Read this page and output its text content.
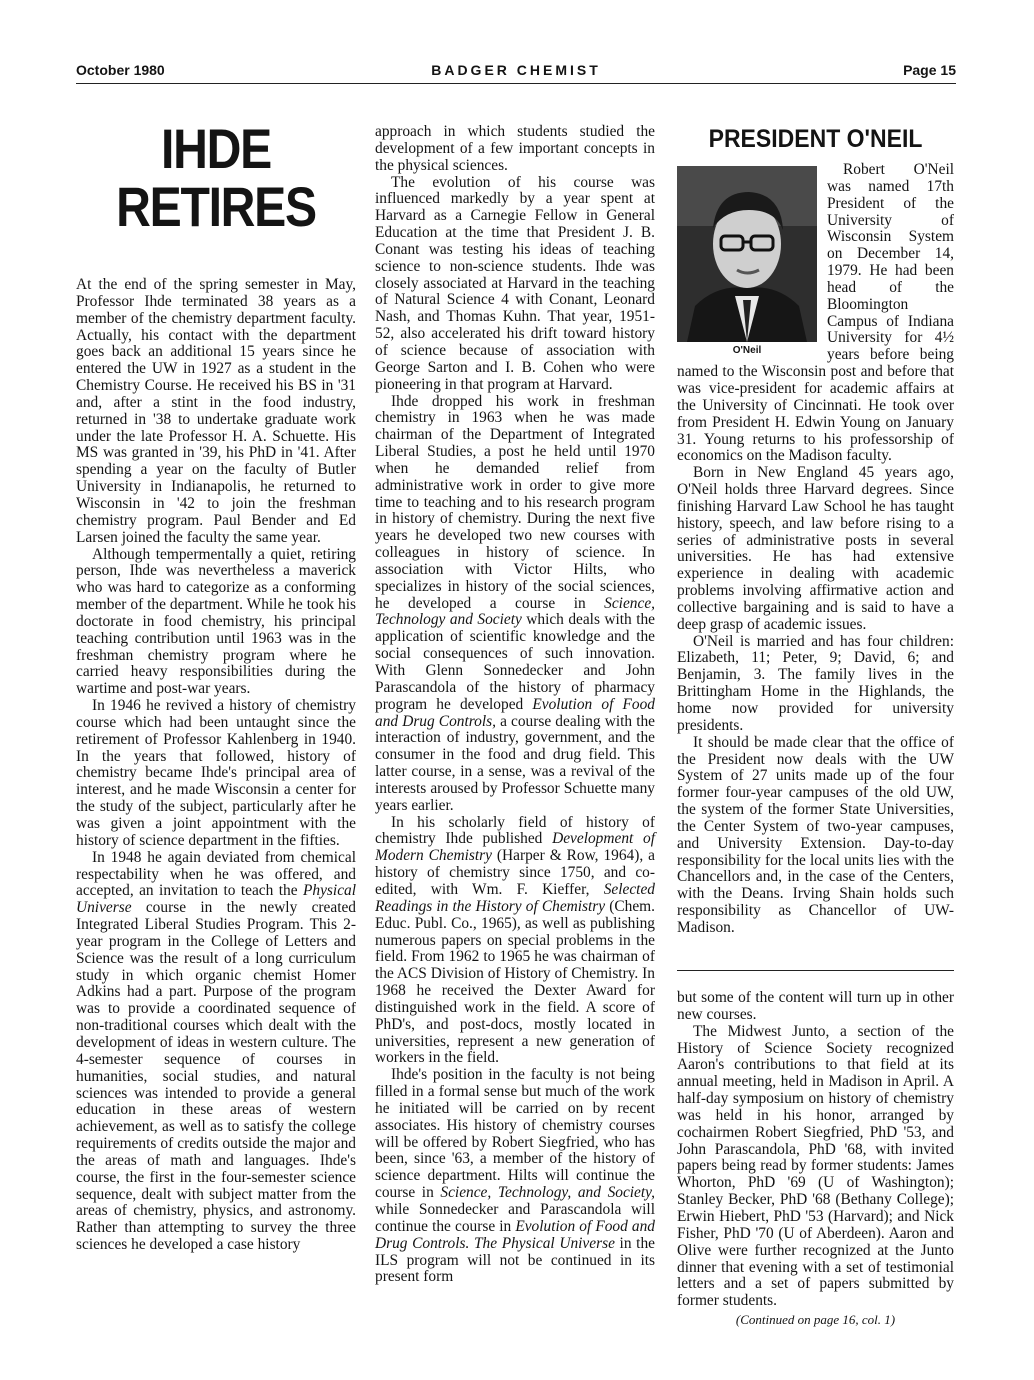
October 1980	BADGER CHEMIST	Page 15
IHDE
RETIRES

At the end of the spring semester in May, Professor Ihde terminated 38 years as a member of the chemistry department faculty. Actually, his contact with the department goes back an additional 15 years since he entered the UW in 1927 as a student in the Chemistry Course. He received his BS in '31 and, after a stint in the food industry, returned in '38 to undertake graduate work under the late Professor H. A. Schuette. His MS was granted in '39, his PhD in '41. After spending a year on the faculty of Butler University in Indianapolis, he returned to Wisconsin in '42 to join the freshman chemistry program. Paul Bender and Ed Larsen joined the faculty the same year.

Although tempermentally a quiet, retiring person, Ihde was nevertheless a maverick who was hard to categorize as a conforming member of the department. While he took his doctorate in food chemistry, his principal teaching contribution until 1963 was in the freshman chemistry program where he carried heavy responsibilities during the wartime and post-war years.

In 1946 he revived a history of chemistry course which had been untaught since the retirement of Professor Kahlenberg in 1940. In the years that followed, history of chemistry became Ihde's principal area of interest, and he made Wisconsin a center for the study of the subject, particularly after he was given a joint appointment with the history of science department in the fifties.

In 1948 he again deviated from chemical respectability when he was offered, and accepted, an invitation to teach the Physical Universe course in the newly created Integrated Liberal Studies Program. This 2-year program in the College of Letters and Science was the result of a long curriculum study in which organic chemist Homer Adkins had a part. Purpose of the program was to provide a coordinated sequence of non-traditional courses which dealt with the development of ideas in western culture. The 4-semester sequence of courses in humanities, social studies, and natural sciences was intended to provide a general education in these areas of western achievement, as well as to satisfy the college requirements of credits outside the major and the areas of math and languages. Ihde's course, the first in the four-semester science sequence, dealt with subject matter from the areas of chemistry, physics, and astronomy. Rather than attempting to survey the three sciences he developed a case history

approach in which students studied the development of a few important concepts in the physical sciences.

The evolution of his course was influenced markedly by a year spent at Harvard as a Carnegie Fellow in General Education at the time that President J. B. Conant was testing his ideas of teaching science to non-science students. Ihde was closely associated at Harvard in the teaching of Natural Science 4 with Conant, Leonard Nash, and Thomas Kuhn. That year, 1951-52, also accelerated his drift toward history of science because of association with George Sarton and I. B. Cohen who were pioneering in that program at Harvard.

Ihde dropped his work in freshman chemistry in 1963 when he was made chairman of the Department of Integrated Liberal Studies, a post he held until 1970 when he demanded relief from administrative work in order to give more time to teaching and to his research program in history of chemistry. During the next five years he developed two new courses with colleagues in history of science. In association with Victor Hilts, who specializes in history of the social sciences, he developed a course in Science, Technology and Society which deals with the application of scientific knowledge and the social consequences of such innovation. With Glenn Sonnedecker and John Parascandola of the history of pharmacy program he developed Evolution of Food and Drug Controls, a course dealing with the interaction of industry, government, and the consumer in the food and drug field. This latter course, in a sense, was a revival of the interests aroused by Professor Schuette many years earlier.

In his scholarly field of history of chemistry Ihde published Development of Modern Chemistry (Harper & Row, 1964), a history of chemistry since 1750, and co-edited, with Wm. F. Kieffer, Selected Readings in the History of Chemistry (Chem. Educ. Publ. Co., 1965), as well as publishing numerous papers on special problems in the field. From 1962 to 1965 he was chairman of the ACS Division of History of Chemistry. In 1968 he received the Dexter Award for distinguished work in the field. A score of PhD's, and post-docs, mostly located in universities, represent a new generation of workers in the field.

Ihde's position in the faculty is not being filled in a formal sense but much of the work he initiated will be carried on by recent associates. His history of chemistry courses will be offered by Robert Siegfried, who has been, since '63, a member of the history of science department. Hilts will continue the course in Science, Technology, and Society, while Sonnedecker and Parascandola will continue the course in Evolution of Food and Drug Controls. The Physical Universe in the ILS program will not be continued in its present form

PRESIDENT O'NEIL
O'Neil

Robert O'Neil was named 17th President of the University of Wisconsin System on December 14, 1979. He had been head of the Bloomington Campus of Indiana University for 4½ years before being named to the Wisconsin post and before that was vice-president for academic affairs at the University of Cincinnati. He took over from President H. Edwin Young on January 31. Young returns to his professorship of economics on the Madison faculty.

Born in New England 45 years ago, O'Neil holds three Harvard degrees. Since finishing Harvard Law School he has taught history, speech, and law before rising to a series of administrative posts in several universities. He has had extensive experience in dealing with academic problems involving affirmative action and collective bargaining and is said to have a deep grasp of academic issues.

O'Neil is married and has four children: Elizabeth, 11; Peter, 9; David, 6; and Benjamin, 3. The family lives in the Brittingham Home in the Highlands, the home now provided for university presidents.

It should be made clear that the office of the President now deals with the UW System of 27 units made up of the four former four-year campuses of the old UW, the system of the former State Universities, the Center System of two-year campuses, and University Extension. Day-to-day responsibility for the local units lies with the Chancellors and, in the case of the Centers, with the Deans. Irving Shain holds such responsibility as Chancellor of UW-Madison.

but some of the content will turn up in other new courses.

The Midwest Junto, a section of the History of Science Society recognized Aaron's contributions to that field at its annual meeting, held in Madison in April. A half-day symposium on history of chemistry was held in his honor, arranged by cochairmen Robert Siegfried, PhD '53, and John Parascandola, PhD '68, with invited papers being read by former students: James Whorton, PhD '69 (U of Washington); Stanley Becker, PhD '68 (Bethany College); Erwin Hiebert, PhD '53 (Harvard); and Nick Fisher, PhD '70 (U of Aberdeen). Aaron and Olive were further recognized at the Junto dinner that evening with a set of testimonial letters and a set of papers submitted by former students.

(Continued on page 16, col. 1)
